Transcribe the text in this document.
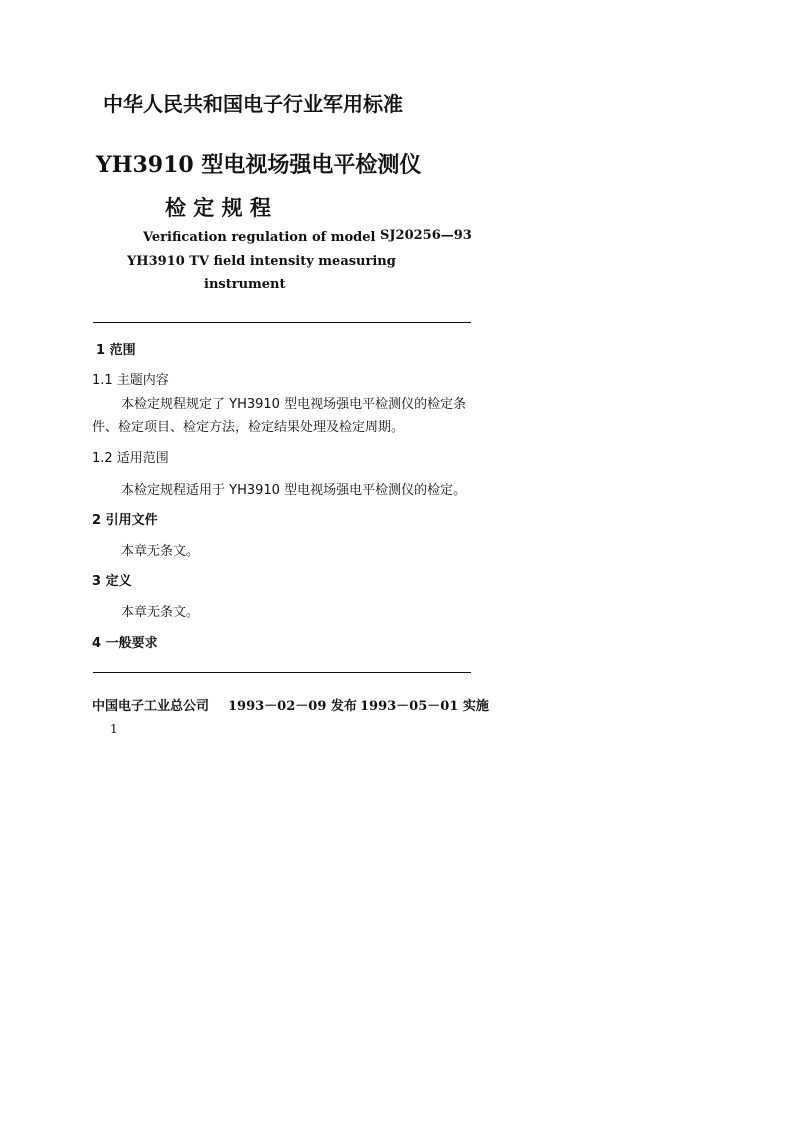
中华人民共和国电子行业军用标准
YH3910 型电视场强电平检测仪
检 定 规 程
Verification regulation of model
YH3910 TV field intensity measuring
instrument
SJ20256—93
1 范围
1.1 主题内容
本检定规程规定了 YH3910 型电视场强电平检测仪的检定条
件、检定项目、检定方法，检定结果处理及检定周期。
1.2 适用范围
本检定规程适用于 YH3910 型电视场强电平检测仪的检定。
2 引用文件
本章无条文。
3 定义
本章无条文。
4 一般要求
中国电子工业总公司 1993－02－09 发布 1993－05－01 实施
1
